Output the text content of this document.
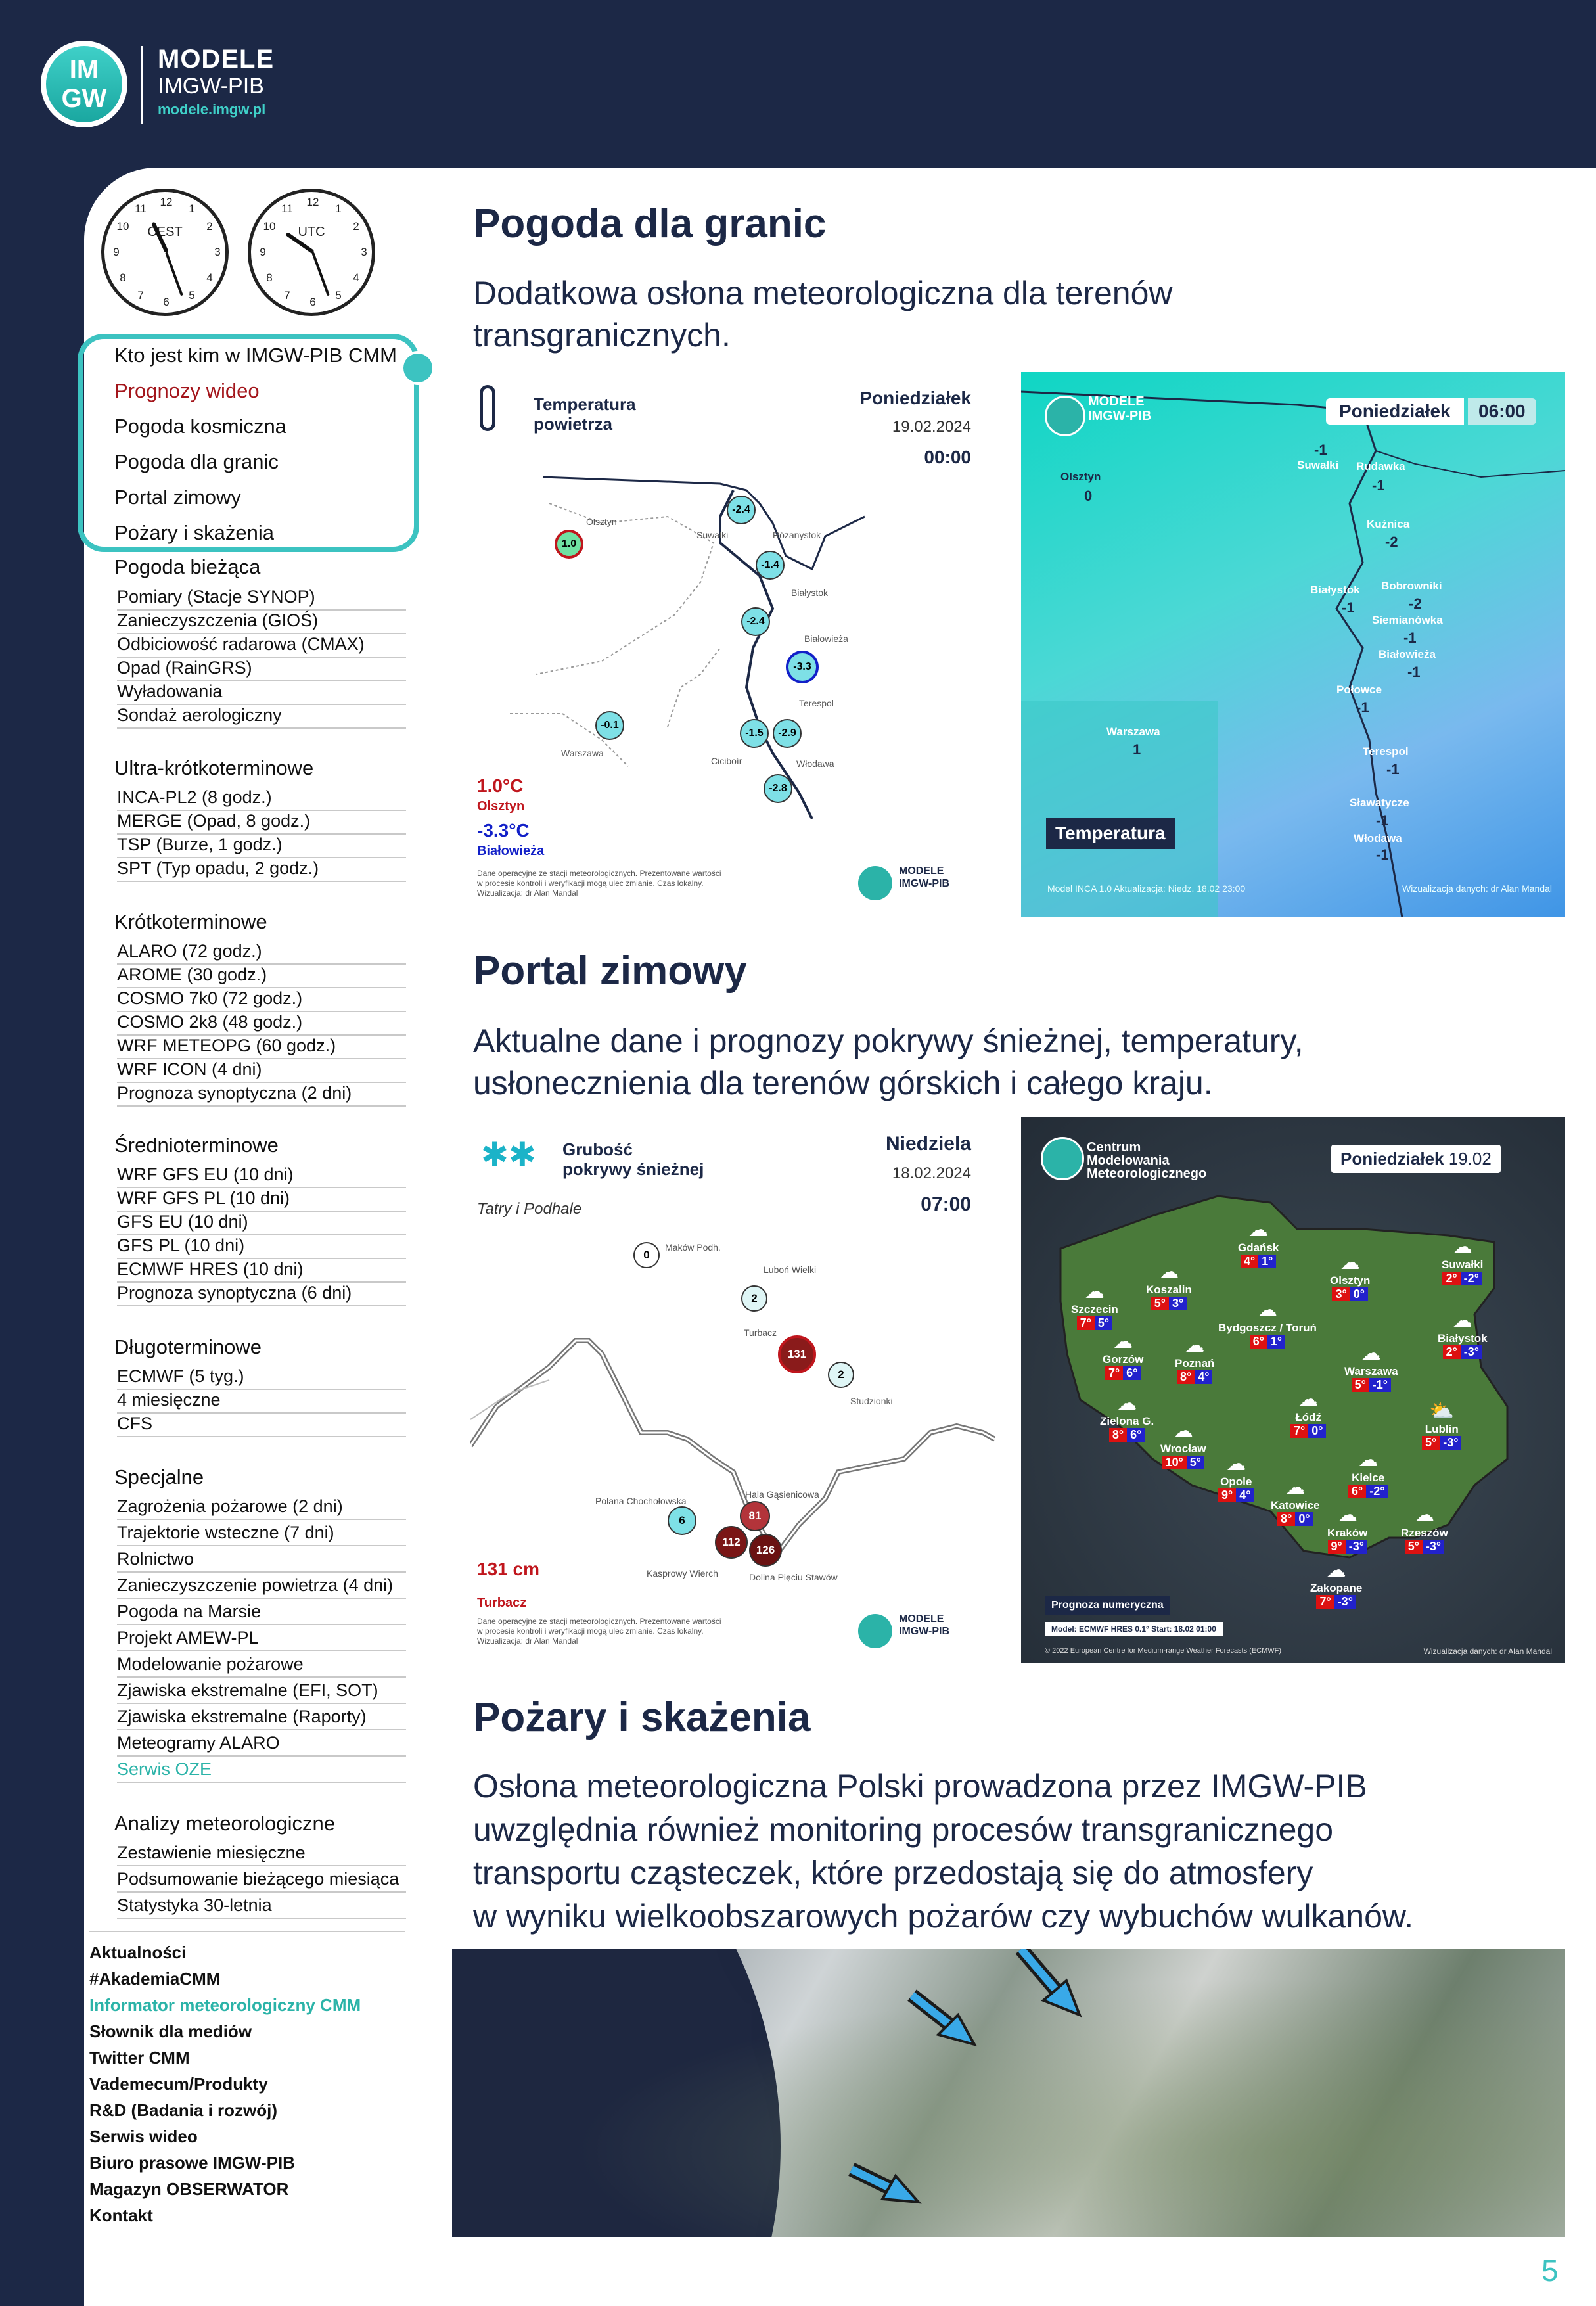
IM
GW
MODELE
IMGW-PIB
modele.imgw.pl
CEST
12
1
2
3
4
5
6
7
8
9
10
11
UTC
12
1
2
3
4
5
6
7
8
9
10
11
Kto jest kim w IMGW-PIB CMM
Prognozy wideo
Pogoda kosmiczna
Pogoda dla granic
Portal zimowy
Pożary i skażenia
Pogoda bieżąca
Pomiary (Stacje SYNOP)
Zanieczyszczenia (GIOŚ)
Odbiciowość radarowa (CMAX)
Opad (RainGRS)
Wyładowania
Sondaż aerologiczny
Ultra-krótkoterminowe
INCA-PL2 (8 godz.)
MERGE (Opad, 8 godz.)
TSP (Burze, 1 godz.)
SPT (Typ opadu, 2 godz.)
Krótkoterminowe
ALARO (72 godz.)
AROME (30 godz.)
COSMO 7k0 (72 godz.)
COSMO 2k8 (48 godz.)
WRF METEOPG (60 godz.)
WRF ICON (4 dni)
Prognoza synoptyczna (2 dni)
Średnioterminowe
WRF GFS EU (10 dni)
WRF GFS PL (10 dni)
GFS EU (10 dni)
GFS PL (10 dni)
ECMWF HRES (10 dni)
Prognoza synoptyczna (6 dni)
Długoterminowe
ECMWF (5 tyg.)
4 miesięczne
CFS
Specjalne
Zagrożenia pożarowe (2 dni)
Trajektorie wsteczne (7 dni)
Rolnictwo
Zanieczyszczenie powietrza (4 dni)
Pogoda na Marsie
Projekt AMEW-PL
Modelowanie pożarowe
Zjawiska ekstremalne (EFI, SOT)
Zjawiska ekstremalne (Raporty)
Meteogramy ALARO
Serwis OZE
Analizy meteorologiczne
Zestawienie miesięczne
Podsumowanie bieżącego miesiąca
Statystyka 30-letnia
Aktualności
#AkademiaCMM
Informator meteorologiczny CMM
Słownik dla mediów
Twitter CMM
Vademecum/Produkty
R&D (Badania i rozwój)
Serwis wideo
Biuro prasowe IMGW-PIB
Magazyn OBSERWATOR
Kontakt
Pogoda dla granic
Dodatkowa osłona meteorologiczna dla terenów
transgranicznych.
Temperatura
powietrza
Poniedziałek
19.02.2024
00:00
1.0
-2.4
-1.4
-2.4
-3.3
-0.1
-2.9
-1.5
-2.8
Olsztyn
Suwałki	Różanystok
Białystok
Białowieża
Warszawa
Terespol
Ciciboír	Włodawa
1.0°C
Olsztyn
-3.3°C
Białowieża
Dane operacyjne ze stacji meteorologicznych. Prezentowane wartości
w procesie kontroli i weryfikacji mogą ulec zmianie. Czas lokalny.
Wizualizacja: dr Alan Mandal
MODELE
IMGW-PIB
MODELE
IMGW-PIB	Poniedziałek	06:00
Olsztyn
0
Suwałki
-1
Rudawka
-1
Kuźnica
-2
Białystok
-1
Bobrowniki
-2
Siemianówka
-1
Białowieża
-1
Połowce
-1
Warszawa
1	Terespol
-1
Sławatycze
-1
Włodawa
-1
Temperatura
Model INCA 1.0 Aktualizacja: Niedz. 18.02 23:00	Wizualizacja danych: dr Alan Mandal
Portal zimowy
Aktualne dane i prognozy pokrywy śnieżnej, temperatury,
usłonecznienia dla terenów górskich i całego kraju.
✱✱ Grubość
pokrywy śnieżnej
Tatry i Podhale
Niedziela
18.02.2024
07:00
0
2
131
2
6	81
112
126
Maków Podh.
Luboń Wielki
Turbacz
Studzionki
Polana Chochołowska
Hala Gąsienicowa
Kasprowy Wierch	Dolina Pięciu Stawów
131 cm
Turbacz
Dane operacyjne ze stacji meteorologicznych. Prezentowane wartości
w procesie kontroli i weryfikacji mogą ulec zmianie. Czas lokalny.
Wizualizacja: dr Alan Mandal
MODELE
IMGW-PIB
Centrum
Modelowania
Meteorologicznego
Poniedziałek 19.02
☁
Szczecin
7° 5°
☁
Koszalin
5° 3°
☁
Gdańsk
4° 1°	☁
Olsztyn
3° 0°
☁
Suwałki
2° -2°
☁
Bydgoszcz / Toruń
6° 1°
☁
Białystok
2° -3°
☁
Gorzów
7° 6°
☁
Poznań
8° 4°
☁
Warszawa
5° -1°
☁
Zielona G.
8° 6°
☁
Łódź
7° 0°
⛅
Lublin
5° -3°
☁
Wrocław
10° 5°	☁
Opole
9° 4°
☁
Kielce
6° -2°
☁
Katowice
8° 0°	☁
Kraków
9° -3°
☁
Rzeszów
5° -3°
☁
Zakopane
7° -3°
Prognoza numeryczna
Model: ECMWF HRES 0.1° Start: 18.02 01:00
© 2022 European Centre for Medium-range Weather Forecasts (ECMWF)	Wizualizacja danych: dr Alan Mandal
Pożary i skażenia
Osłona meteorologiczna Polski prowadzona przez IMGW-PIB
uwzględnia również monitoring procesów transgranicznego
transportu cząsteczek, które przedostają się do atmosfery
w wyniku wielkoobszarowych pożarów czy wybuchów wulkanów.
5
